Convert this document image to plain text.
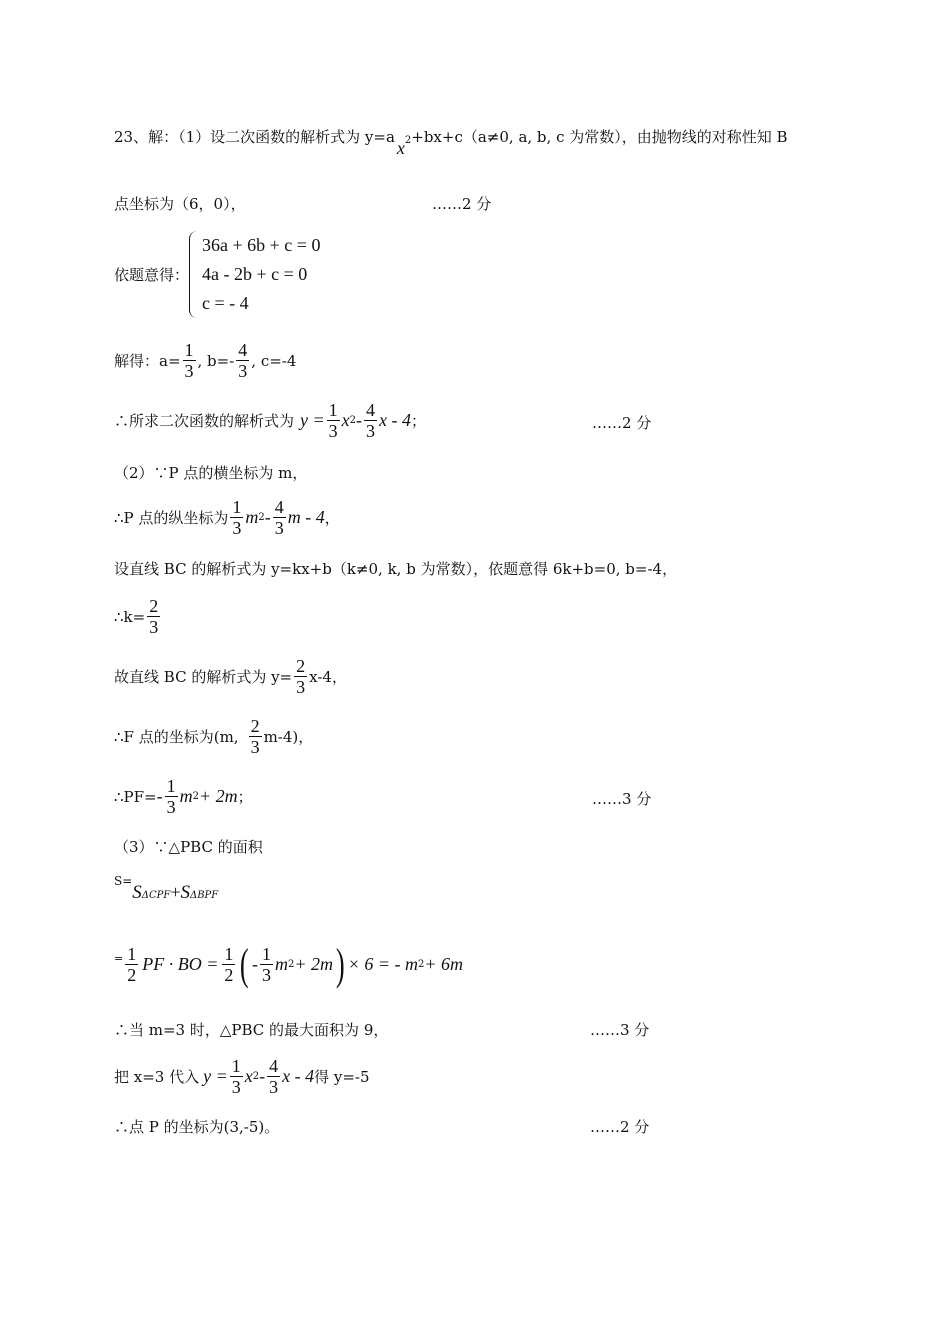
23、解：（1）设二次函数的解析式为 y=a
$x^2 +bx+c(a\ne 0$, a, b, c 为常数），由抛物线的对称性知 B
点坐标为（6，0），	……2 分
依题意得：
36a + 6b + c = 0
4a - 2b + c = 0
c = - 4
解得：$a= \frac{1}{3}$ , $b=- \frac{4}{3}$ , c=-4
∴所求二次函数的解析式为 $y = \frac{1}{3}$ x $2 - \frac{4}{3}$ x - 4 ；	……2 分
（2）∵P 点的横坐标为 m，
∴P 点的纵坐标为 $\frac{1}{3}$ m $2 - \frac{4}{3}$ m - 4 ，
设直线 BC 的解析式为 y=kx+b（k≠0, k, b 为常数），依题意得 6k+b=0, b=-4，
∴k= $\frac{2}{3}$
故直线 BC 的解析式为 $y= \frac{2}{3} x-4$，
∴F 点的坐标为(m, $\frac{2}{3} m-4$)，
∴PF= - $\frac{1}{3}$ m 2 + 2m ；	……3 分
（3）∵△PBC 的面积
S=
S ΔCPF + S ΔBPF
= $\frac{1}{2}$ PF · BO = $\frac{1}{2}$ ( - $\frac{1}{3}$ m 2 + 2m ) × 6 = - m 2 + 6m
∴当 m=3 时，△PBC 的最大面积为 9，	……3 分
把 x=3 代入 $y = \frac{1}{3}$ x $2 - \frac{4}{3}$ x - 4 得 y=-5
∴点 P 的坐标为(3,-5)。	……2 分
